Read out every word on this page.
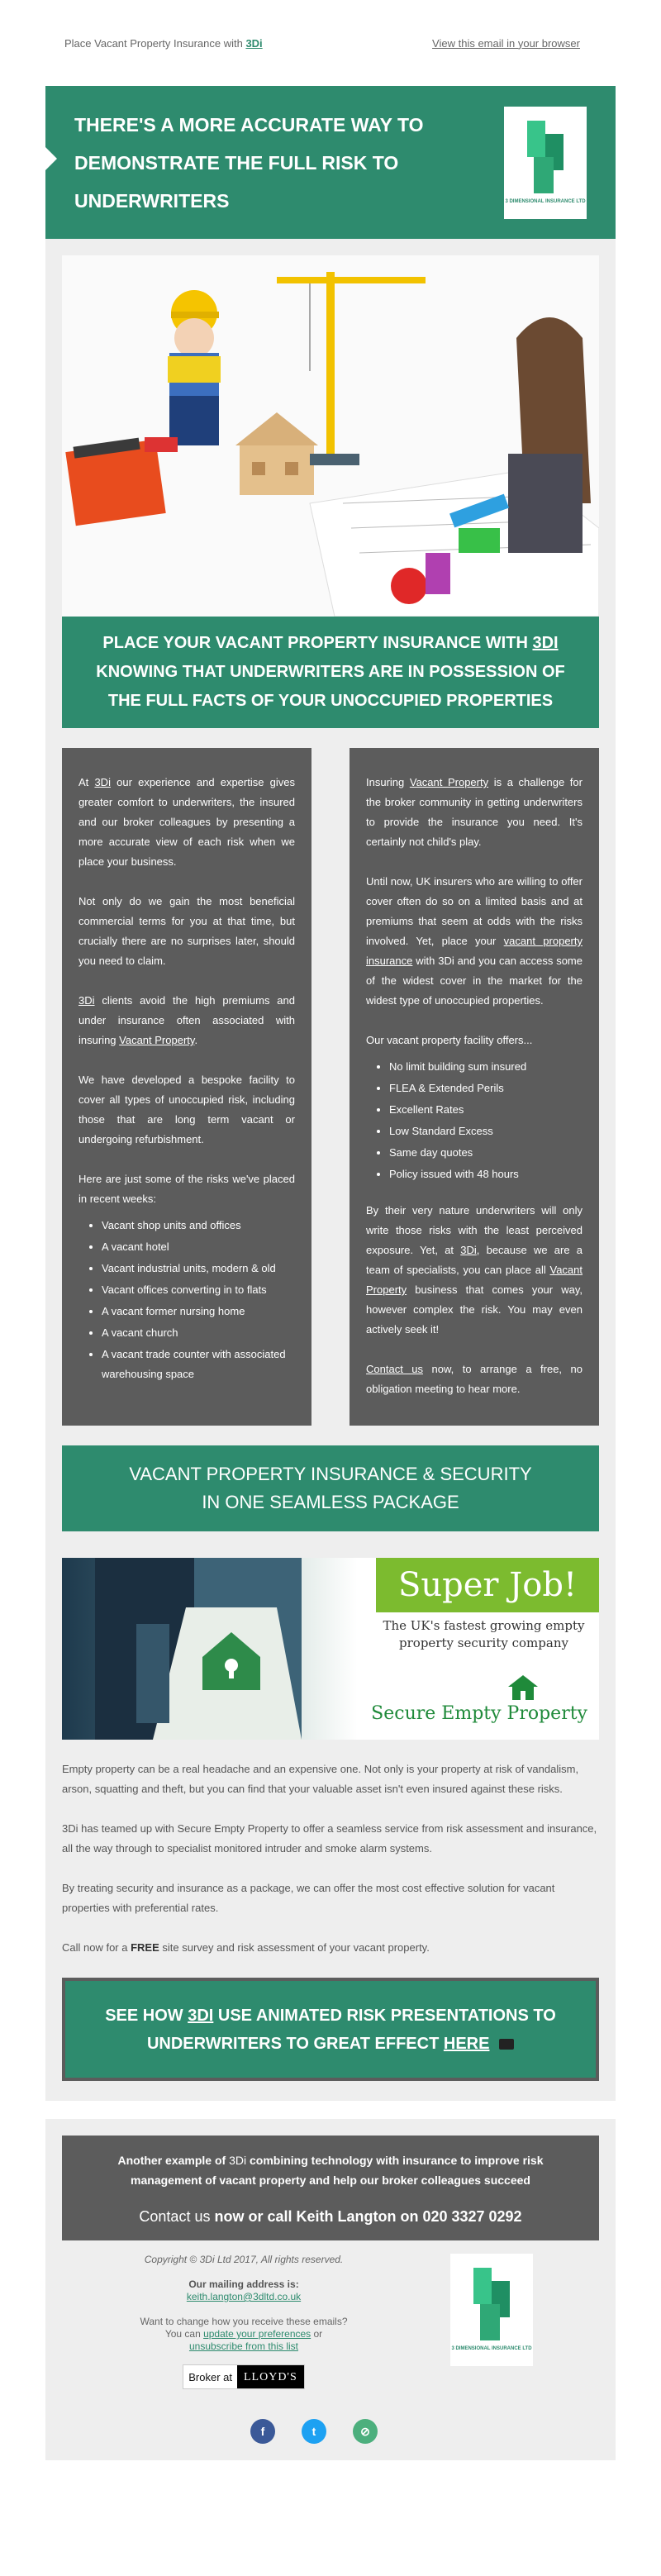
Place Vacant Property Insurance with 3Di	View this email in your browser
THERE'S A MORE ACCURATE WAY TO DEMONSTRATE THE FULL RISK TO UNDERWRITERS	3 DIMENSIONAL INSURANCE LTD
PLACE YOUR VACANT PROPERTY INSURANCE WITH 3DI KNOWING THAT UNDERWRITERS ARE IN POSSESSION OF THE FULL FACTS OF YOUR UNOCCUPIED PROPERTIES

At 3Di our experience and expertise gives greater comfort to underwriters, the insured and our broker colleagues by presenting a more accurate view of each risk when we place your business.

Not only do we gain the most beneficial commercial terms for you at that time, but crucially there are no surprises later, should you need to claim.

3Di clients avoid the high premiums and under insurance often associated with insuring Vacant Property.

We have developed a bespoke facility to cover all types of unoccupied risk, including those that are long term vacant or undergoing refurbishment.

Here are just some of the risks we've placed in recent weeks:

• Vacant shop units and offices
• A vacant hotel
• Vacant industrial units, modern & old
• Vacant offices converting in to flats
• A vacant former nursing home
• A vacant church
• A vacant trade counter with associated warehousing space

Insuring Vacant Property is a challenge for the broker community in getting underwriters to provide the insurance you need. It's certainly not child's play.

Until now, UK insurers who are willing to offer cover often do so on a limited basis and at premiums that seem at odds with the risks involved. Yet, place your vacant property insurance with 3Di and you can access some of the widest cover in the market for the widest type of unoccupied properties.

Our vacant property facility offers...

• No limit building sum insured
• FLEA & Extended Perils
• Excellent Rates
• Low Standard Excess
• Same day quotes
• Policy issued with 48 hours

By their very nature underwriters will only write those risks with the least perceived exposure. Yet, at 3Di, because we are a team of specialists, you can place all Vacant Property business that comes your way, however complex the risk. You may even actively seek it!

Contact us now, to arrange a free, no obligation meeting to hear more.

VACANT PROPERTY INSURANCE & SECURITY
IN ONE SEAMLESS PACKAGE
Super Job!
The UK's fastest growing empty property security company
Secure Empty Property

Empty property can be a real headache and an expensive one. Not only is your property at risk of vandalism, arson, squatting and theft, but you can find that your valuable asset isn't even insured against these risks.

3Di has teamed up with Secure Empty Property to offer a seamless service from risk assessment and insurance, all the way through to specialist monitored intruder and smoke alarm systems.

By treating security and insurance as a package, we can offer the most cost effective solution for vacant properties with preferential rates.

Call now for a FREE site survey and risk assessment of your vacant property.

SEE HOW 3DI USE ANIMATED RISK PRESENTATIONS TO
UNDERWRITERS TO GREAT EFFECT HERE
Another example of 3Di combining technology with insurance to improve risk management of vacant property and help our broker colleagues succeed
Contact us now or call Keith Langton on 020 3327 0292
Copyright © 3Di Ltd 2017, All rights reserved.
Our mailing address is:
keith.langton@3dltd.co.uk
Want to change how you receive these emails?
You can update your preferences or
unsubscribe from this list
Broker at	LLOYD'S
3 DIMENSIONAL INSURANCE LTD
f	t	⊘
